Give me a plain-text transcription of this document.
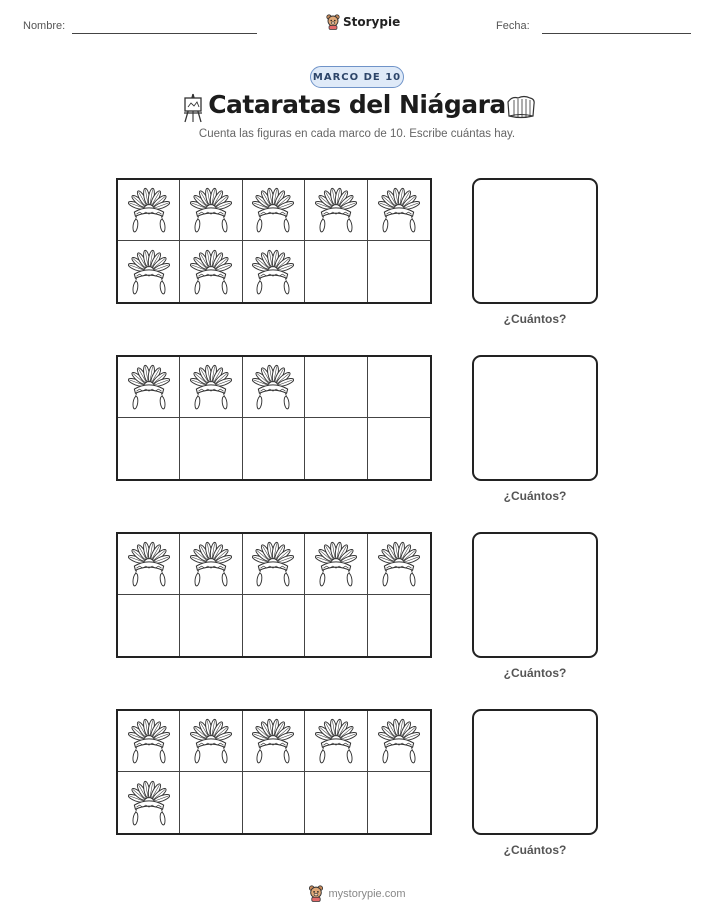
Nombre:	Storypie	Fecha:
MARCO DE 10
Cataratas del Niágara
Cuenta las figuras en cada marco de 10. Escribe cuántas hay.
¿Cuántos?
¿Cuántos?
¿Cuántos?
¿Cuántos?
mystorypie.com
